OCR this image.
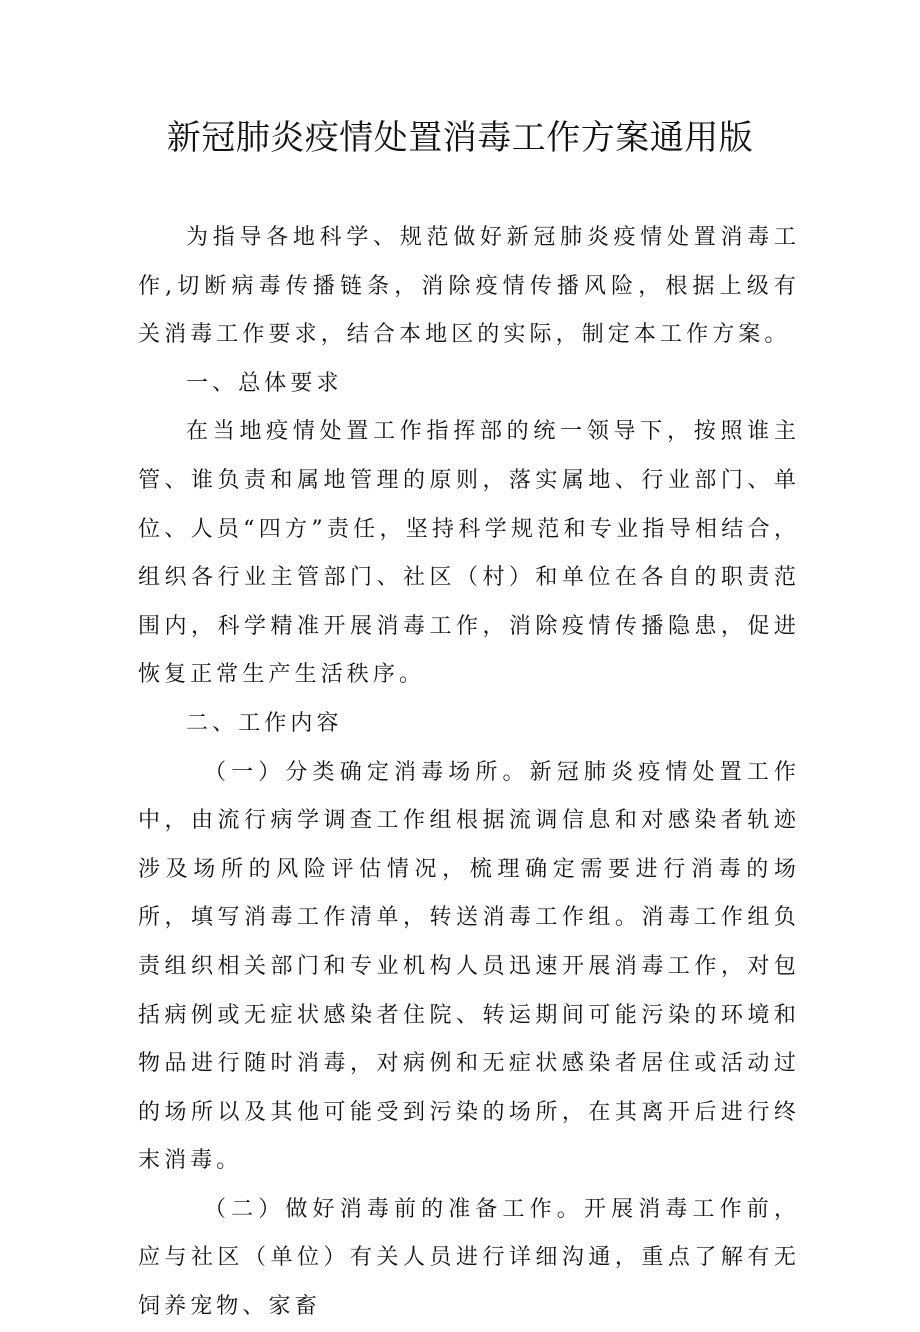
新冠肺炎疫情处置消毒工作方案通用版

为指导各地科学、规范做好新冠肺炎疫情处置消毒工作,切断病毒传播链条，消除疫情传播风险，根据上级有关消毒工作要求，结合本地区的实际，制定本工作方案。

一、总体要求

在当地疫情处置工作指挥部的统一领导下，按照谁主管、谁负责和属地管理的原则，落实属地、行业部门、单位、人员“四方”责任，坚持科学规范和专业指导相结合，组织各行业主管部门、社区（村）和单位在各自的职责范围内，科学精准开展消毒工作，消除疫情传播隐患，促进恢复正常生产生活秩序。

二、工作内容

（一）分类确定消毒场所。新冠肺炎疫情处置工作中，由流行病学调查工作组根据流调信息和对感染者轨迹涉及场所的风险评估情况，梳理确定需要进行消毒的场所，填写消毒工作清单，转送消毒工作组。消毒工作组负责组织相关部门和专业机构人员迅速开展消毒工作，对包括病例或无症状感染者住院、转运期间可能污染的环境和物品进行随时消毒，对病例和无症状感染者居住或活动过的场所以及其他可能受到污染的场所，在其离开后进行终末消毒。

（二）做好消毒前的准备工作。开展消毒工作前，应与社区（单位）有关人员进行详细沟通，重点了解有无饲养宠物、家畜
